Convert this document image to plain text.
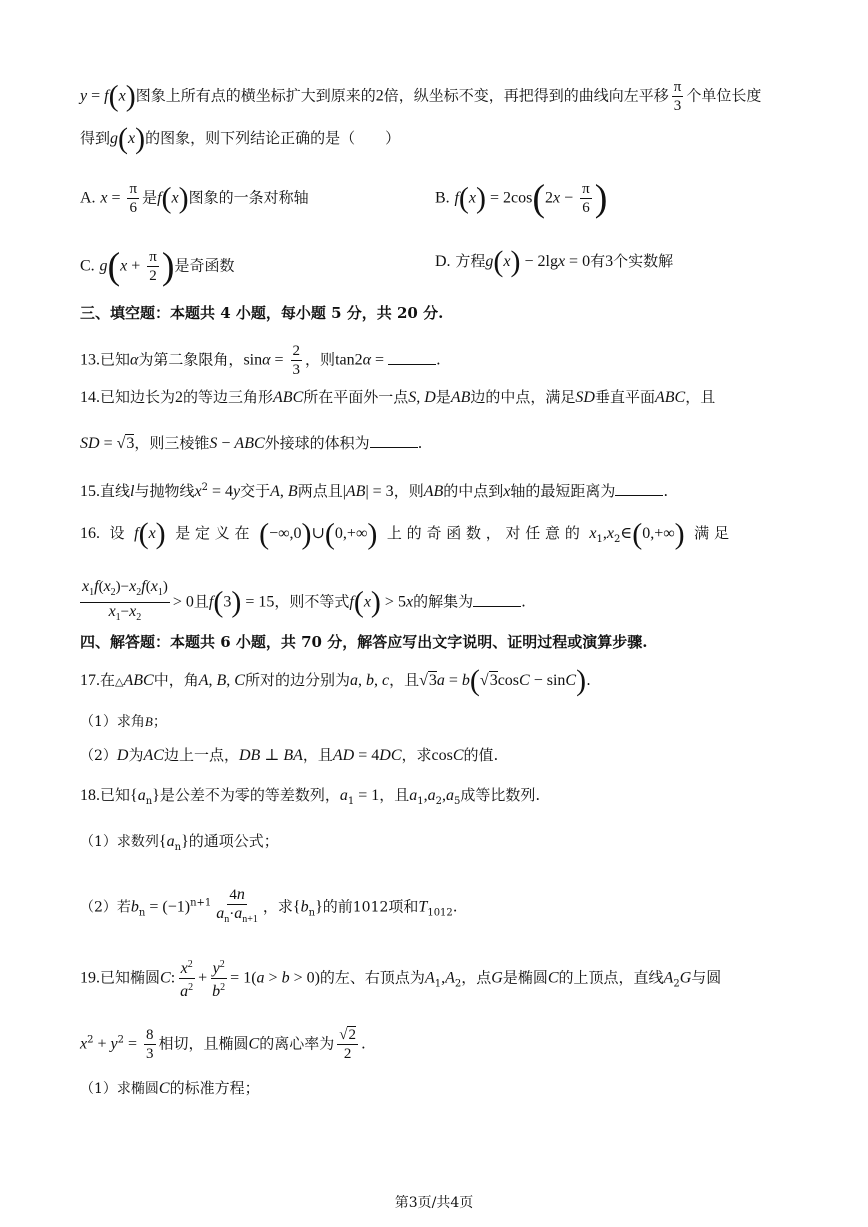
y = f(x)图象上所有点的横坐标扩大到原来的2倍，纵坐标不变，再把得到的曲线向左平移 $\frac{\pi}{3}$ 个单位长度
得到g(x)的图象，则下列结论正确的是（　　）
A. $x = \frac{\pi}{6}$ 是f(x)图象的一条对称轴	B. $f(x) = 2\cos(2x - \frac{\pi}{6}$ )
C. $g(x + \frac{\pi}{2}$ )是奇函数	D. 方程g(x) − 2lgx = 0有3个实数解
三、填空题：本题共 4 小题，每小题 5 分，共 20 分.
13.已知α为第二象限角，$\sin\alpha = \frac{2}{3}$ ，则tan2α =	.
14.已知边长为2的等边三角形ABC所在平面外一点S, D是AB边的中点，满足SD垂直平面ABC，且
SD = √3，则三棱锥S − ABC外接球的体积为	.
15.直线l与抛物线$x^2 = 4y$交于A, B两点且|AB| = 3，则AB的中点到x轴的最短距离为	.
16. 设 f(x) 是 定 义 在 (−∞,0)∪(0,+∞) 上 的 奇 函 数 ， 对 任 意 的 $x_1,x_2\in(0,+\infty)$ 满 足
$\frac{x_1f(x_2)-x_2f(x_1)}{x_1-x_2} > 0$且f(3) = 15，则不等式f(x) > 5x的解集为	.
四、解答题：本题共 6 小题，共 70 分，解答应写出文字说明、证明过程或演算步骤.
17.在△ABC中，角A, B, C所对的边分别为a, b, c，且√3a = b(√3cosC − sinC).
（1）求角B；
（2）D为AC边上一点，DB ⊥ BA，且AD = 4DC，求cosC的值.
18.已知$\{a_n\}$是公差不为零的等差数列，$a_1 = 1$，且$a_1,a_2,a_5$成等比数列.
（1）求数列$\{a_n\}$的通项公式；
（2）若$b_n = (-1)^{n+1} \frac{4n}{a_n\cdot a_{n+1}}$ ，求$\{b_n\}$的前1012项和$T_{1012}$.
19.已知椭圆C: $\frac{x^2}{a^2} + \frac{y^2}{b^2} = 1(a > b > 0)$的左、右顶点为$A_1,A_2$，点G是椭圆C的上顶点，直线$A_2G$与圆
$x^2 + y^2 = \frac{8}{3}$ 相切，且椭圆C的离心率为 $\frac{√2}{2}$ .
（1）求椭圆C的标准方程；
第3页/共4页
